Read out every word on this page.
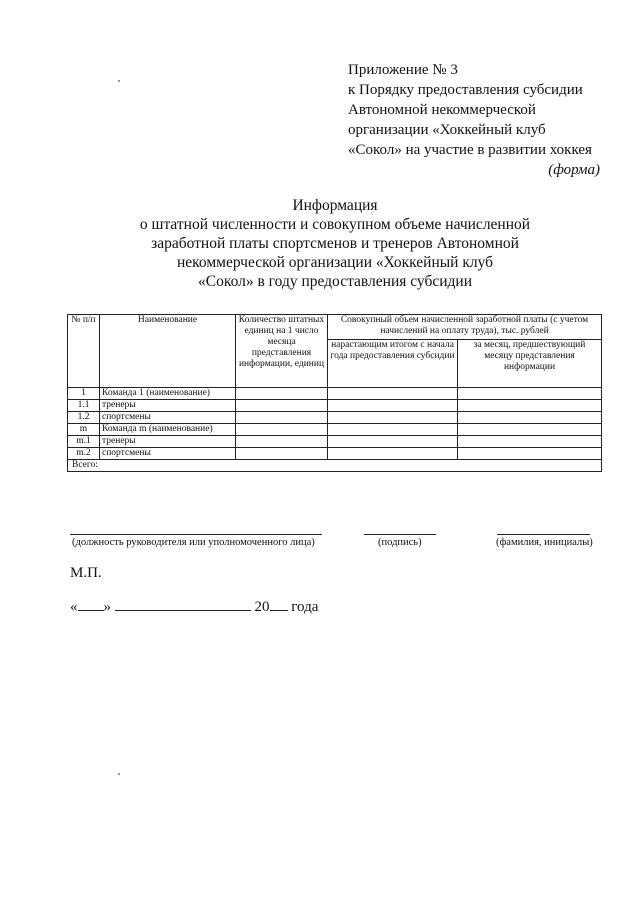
Приложение № 3
к Порядку предоставления субсидии
Автономной некоммерческой
организации «Хоккейный клуб
«Сокол» на участие в развитии хоккея
(форма)
Информация
о штатной численности и совокупном объеме начисленной
заработной платы спортсменов и тренеров Автономной
некоммерческой организации «Хоккейный клуб
«Сокол» в году предоставления субсидии
№ п/п	Наименование	Количество штатных единиц на 1 число месяца представления информации, единиц	Совокупный объем начисленной заработной платы (с учетом начислений на оплату труда), тыс. рублей	
			нарастающим итогом с начала года предоставления субсидии	за месяц, предшествующий месяцу представления информации
1	Команда 1 (наименование)			
1.1	тренеры			
1.2	спортсмены			
m	Команда m (наименование)			
m.1	тренеры			
m.2	спортсмены			
Всего:				
(должность руководителя или уполномоченного лица)	(подпись)	(фамилия, инициалы)
М.П.
« »	20 года
